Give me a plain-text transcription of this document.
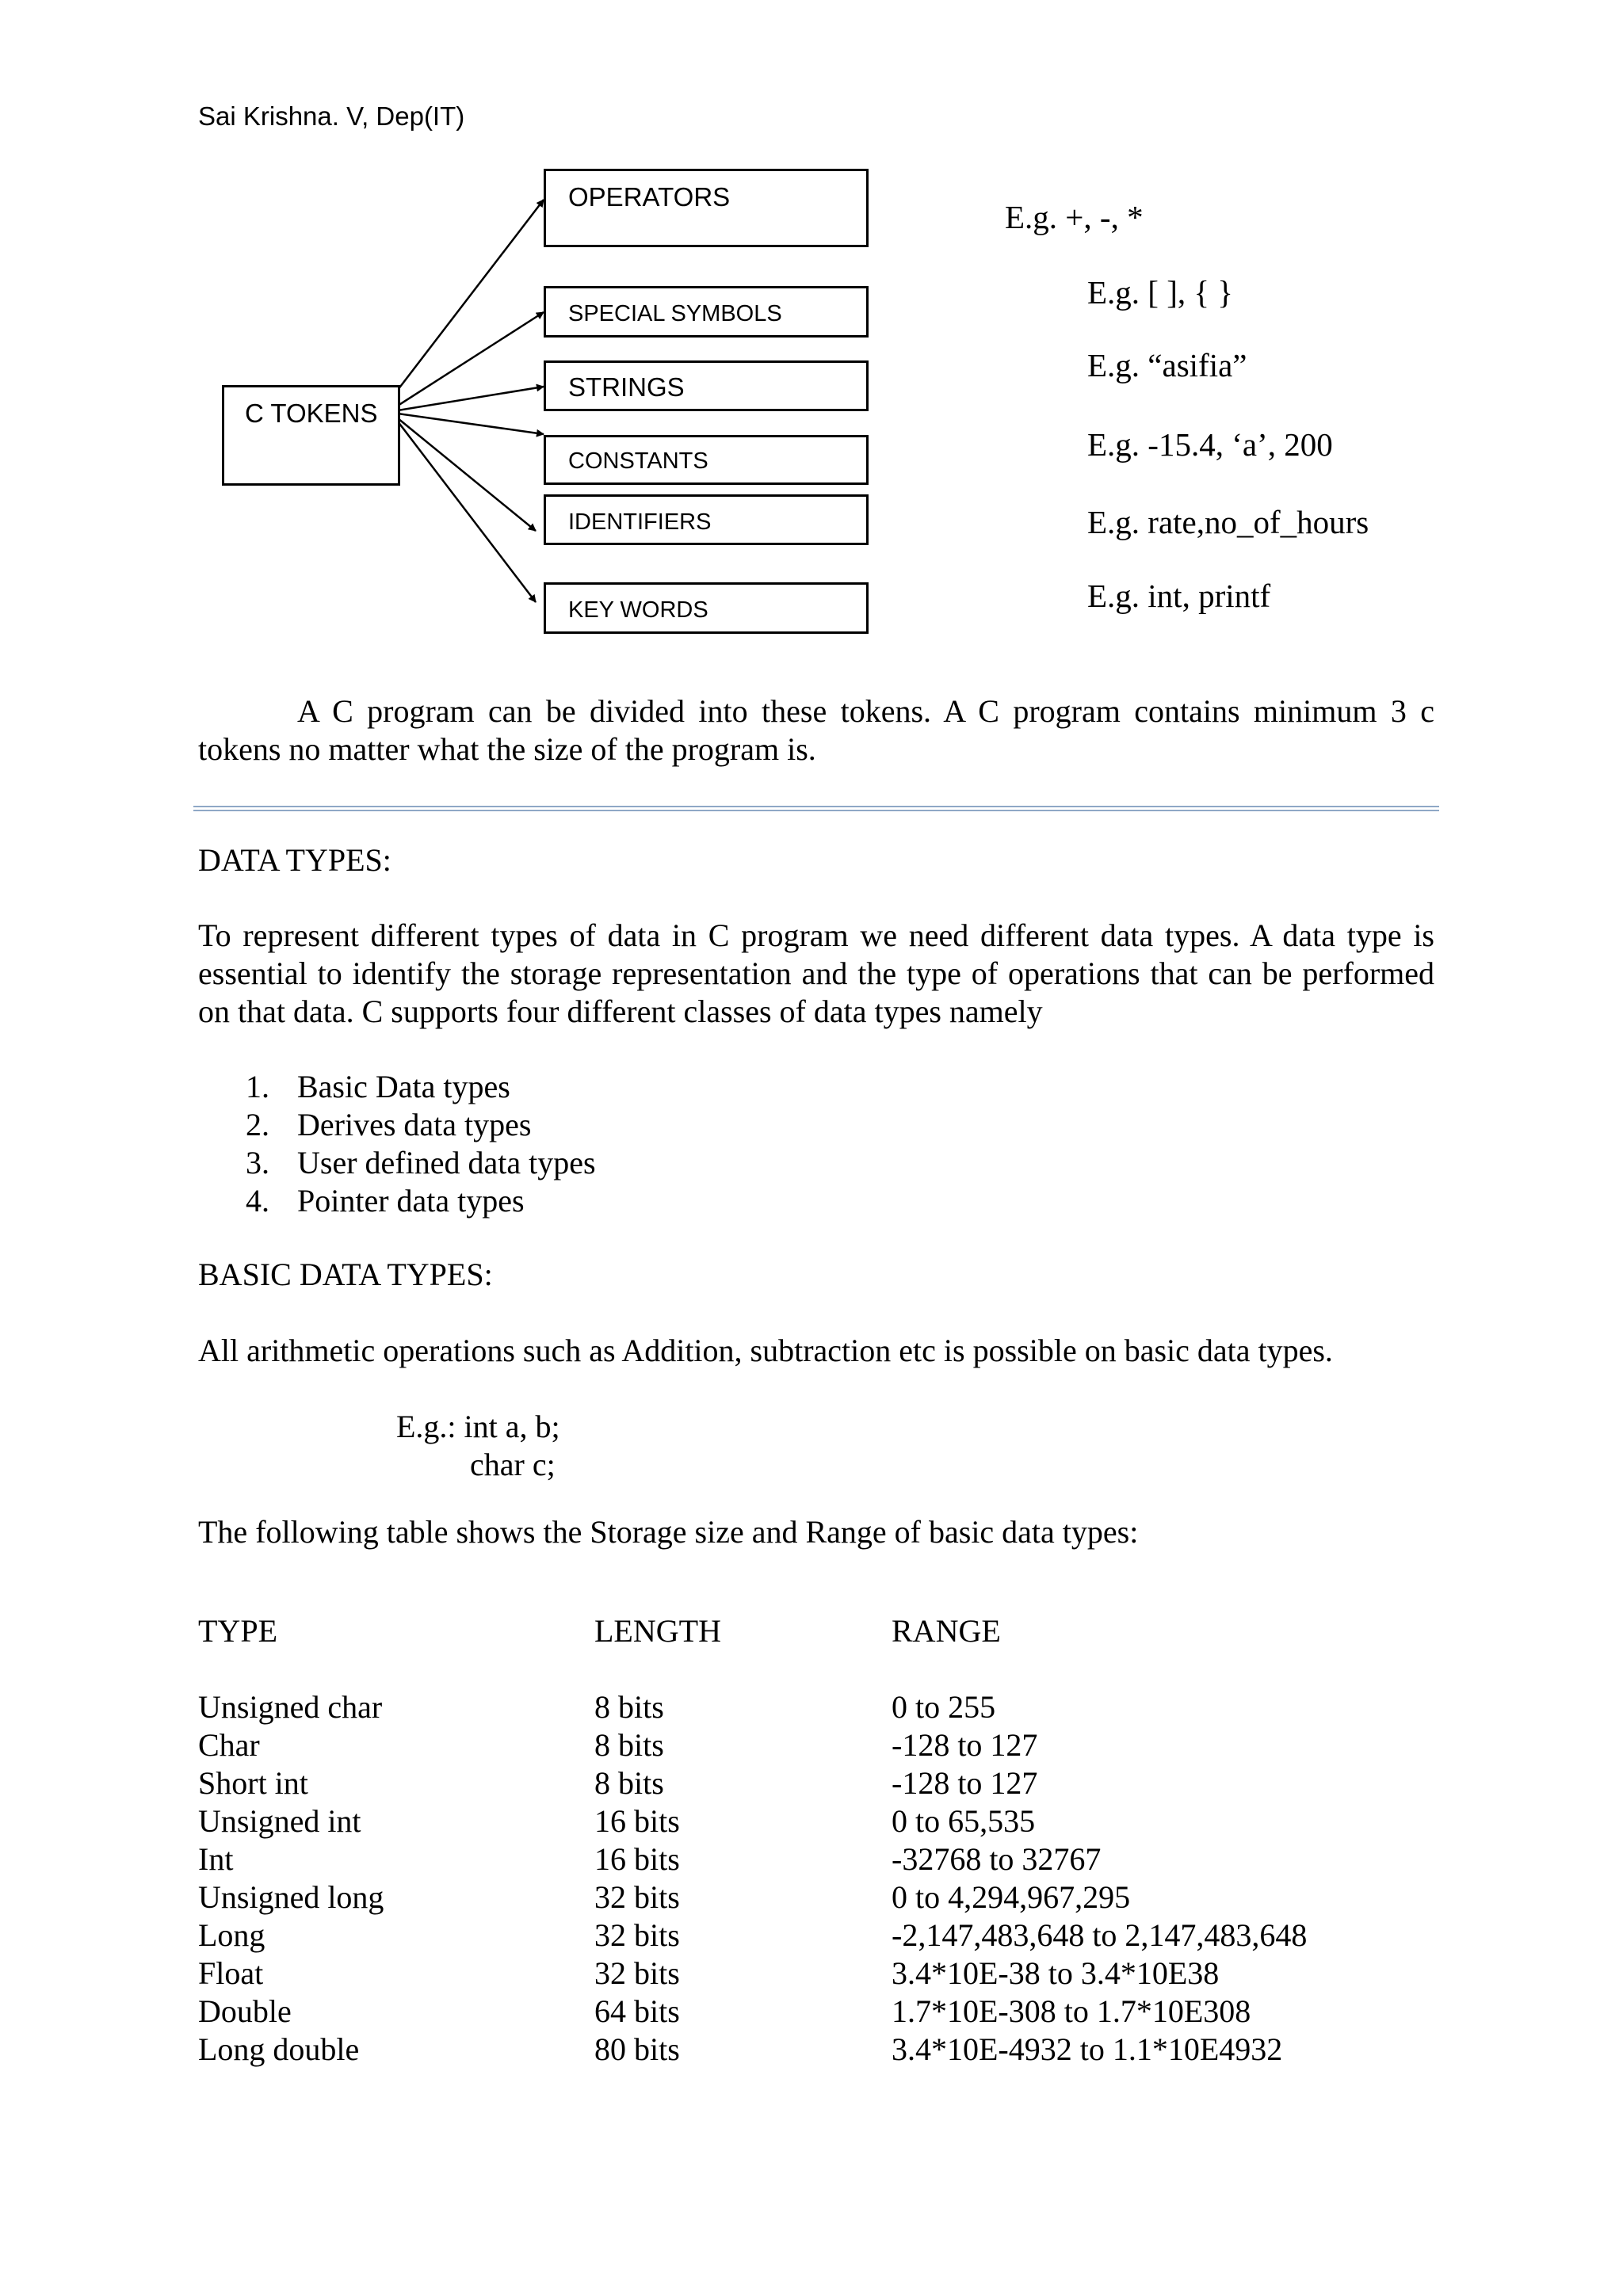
Sai Krishna. V, Dep(IT)
C TOKENS
OPERATORS
SPECIAL SYMBOLS
STRINGS
CONSTANTS
IDENTIFIERS
KEY WORDS
E.g. +, -, *
E.g. [ ], { }
E.g. “asifia”
E.g. -15.4, ‘a’, 200
E.g. rate,no_of_hours
E.g. int, printf
A C program can be divided into these tokens. A C program contains minimum 3 c tokens no matter what the size of the program is.
DATA TYPES:
To represent different types of data in C program we need different data types. A data type is essential to identify the storage representation and the type of operations that can be performed on that data. C supports four different classes of data types namely
1. Basic Data types
2. Derives data types
3. User defined data types
4. Pointer data types
BASIC DATA TYPES:
All arithmetic operations such as Addition, subtraction etc is possible on basic data types.
E.g.: int a, b;
char c;
The following table shows the Storage size and Range of basic data types:
TYPE	LENGTH	RANGE
Unsigned char	8 bits	0 to 255
Char	8 bits	-128 to 127
Short int	8 bits	-128 to 127
Unsigned int	16 bits	0 to 65,535
Int	16 bits	-32768 to 32767
Unsigned long	32 bits	0 to 4,294,967,295
Long	32 bits	-2,147,483,648 to 2,147,483,648
Float	32 bits	3.4*10E-38 to 3.4*10E38
Double	64 bits	1.7*10E-308 to 1.7*10E308
Long double	80 bits	3.4*10E-4932 to 1.1*10E4932
